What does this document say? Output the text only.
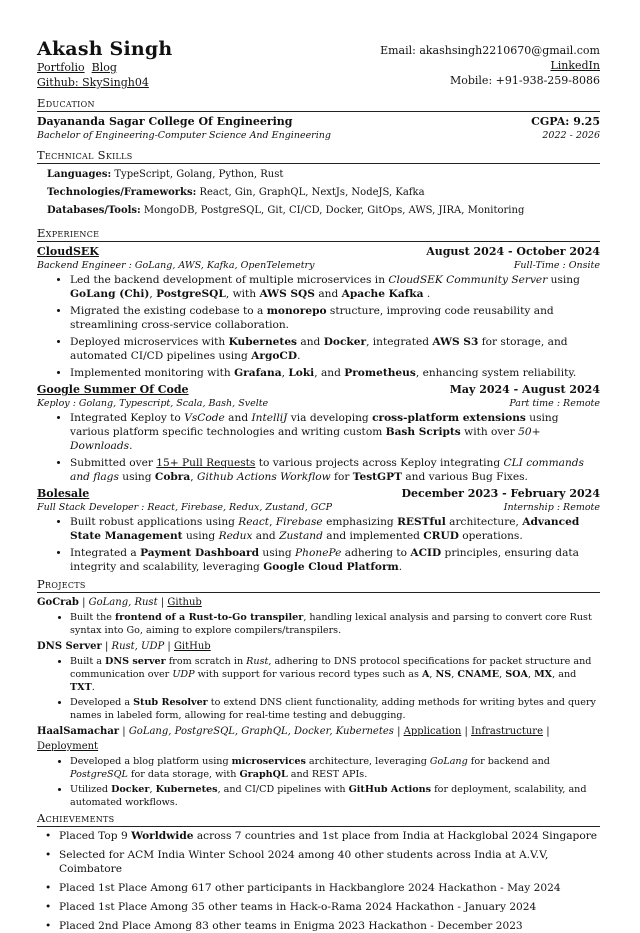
Akash Singh
Portfolio Blog
Github: SkySingh04
Email: akashsingh2210670@gmail.com
LinkedIn
Mobile: +91-938-259-8086
Education
Dayananda Sagar College Of Engineering	CGPA: 9.25
Bachelor of Engineering-Computer Science And Engineering	2022 - 2026
Technical Skills
Languages: TypeScript, Golang, Python, Rust
Technologies/Frameworks: React, Gin, GraphQL, NextJs, NodeJS, Kafka
Databases/Tools: MongoDB, PostgreSQL, Git, CI/CD, Docker, GitOps, AWS, JIRA, Monitoring
Experience
CloudSEK	August 2024 - October 2024
Backend Engineer : GoLang, AWS, Kafka, OpenTelemetry	Full-Time : Onsite
• Led the backend development of multiple microservices in CloudSEK Community Server using GoLang (Chi), PostgreSQL, with AWS SQS and Apache Kafka .
• Migrated the existing codebase to a monorepo structure, improving code reusability and streamlining cross-service collaboration.
• Deployed microservices with Kubernetes and Docker, integrated AWS S3 for storage, and automated CI/CD pipelines using ArgoCD.
• Implemented monitoring with Grafana, Loki, and Prometheus, enhancing system reliability.
Google Summer Of Code	May 2024 - August 2024
Keploy : Golang, Typescript, Scala, Bash, Svelte	Part time : Remote
• Integrated Keploy to VsCode and IntelliJ via developing cross-platform extensions using various platform specific technologies and writing custom Bash Scripts with over 50+ Downloads.
• Submitted over 15+ Pull Requests to various projects across Keploy integrating CLI commands and flags using Cobra, Github Actions Workflow for TestGPT and various Bug Fixes.
Bolesale	December 2023 - February 2024
Full Stack Developer : React, Firebase, Redux, Zustand, GCP	Internship : Remote
• Built robust applications using React, Firebase emphasizing RESTful architecture, Advanced State Management using Redux and Zustand and implemented CRUD operations.
• Integrated a Payment Dashboard using PhonePe adhering to ACID principles, ensuring data integrity and scalability, leveraging Google Cloud Platform.
Projects
GoCrab | GoLang, Rust | Github
• Built the frontend of a Rust-to-Go transpiler, handling lexical analysis and parsing to convert core Rust syntax into Go, aiming to explore compilers/transpilers.
DNS Server | Rust, UDP | GitHub
• Built a DNS server from scratch in Rust, adhering to DNS protocol specifications for packet structure and communication over UDP with support for various record types such as A, NS, CNAME, SOA, MX, and TXT.
• Developed a Stub Resolver to extend DNS client functionality, adding methods for writing bytes and query names in labeled form, allowing for real-time testing and debugging.
HaalSamachar | GoLang, PostgreSQL, GraphQL, Docker, Kubernetes | Application | Infrastructure | Deployment
• Developed a blog platform using microservices architecture, leveraging GoLang for backend and PostgreSQL for data storage, with GraphQL and REST APIs.
• Utilized Docker, Kubernetes, and CI/CD pipelines with GitHub Actions for deployment, scalability, and automated workflows.
Achievements
• Placed Top 9 Worldwide across 7 countries and 1st place from India at Hackglobal 2024 Singapore
• Selected for ACM India Winter School 2024 among 40 other students across India at A.V.V, Coimbatore
• Placed 1st Place Among 617 other participants in Hackbanglore 2024 Hackathon - May 2024
• Placed 1st Place Among 35 other teams in Hack-o-Rama 2024 Hackathon - January 2024
• Placed 2nd Place Among 83 other teams in Enigma 2023 Hackathon - December 2023
